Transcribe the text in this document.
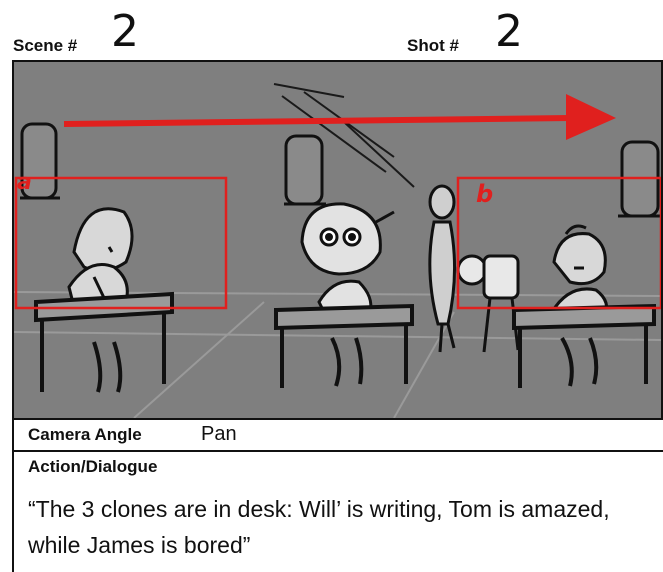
Scene # 2	Shot # 2
a	b
Camera Angle	Pan
Action/Dialogue
“The 3 clones are in desk: Will’ is writing, Tom is amazed, while James is bored”
